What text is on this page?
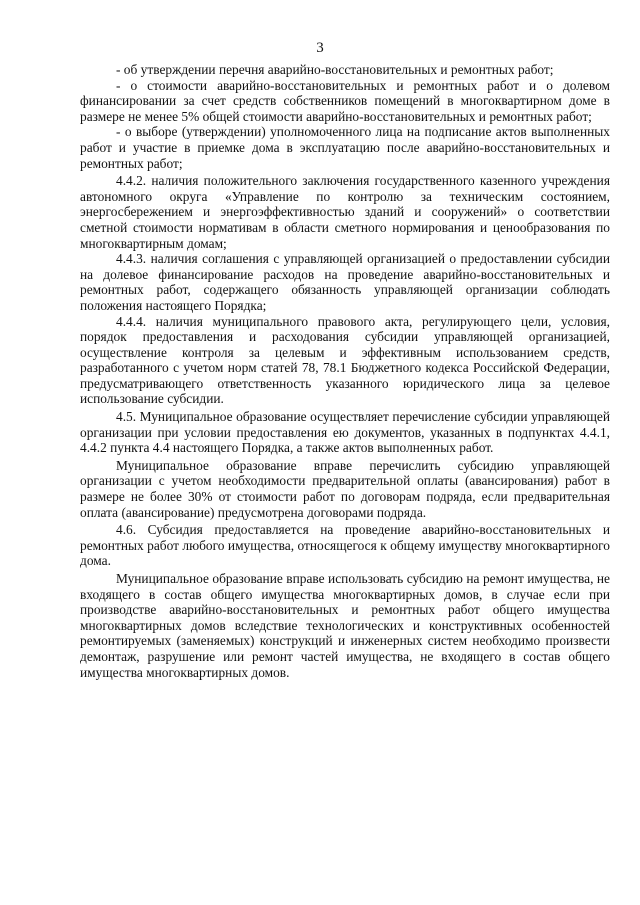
3

- об утверждении перечня аварийно-восстановительных и ремонтных работ;

- о стоимости аварийно-восстановительных и ремонтных работ и о долевом финансировании за счет средств собственников помещений в многоквартирном доме в размере не менее 5% общей стоимости аварийно-восстановительных и ремонтных работ;

- о выборе (утверждении) уполномоченного лица на подписание актов выполненных работ и участие в приемке дома в эксплуатацию после аварийно-восстановительных и ремонтных работ;

4.4.2. наличия положительного заключения государственного казенного учреждения автономного округа «Управление по контролю за техническим состоянием, энергосбережением и энергоэффективностью зданий и сооружений» о соответствии сметной стоимости нормативам в области сметного нормирования и ценообразования по многоквартирным домам;

4.4.3. наличия соглашения с управляющей организацией о предоставлении субсидии на долевое финансирование расходов на проведение аварийно-восстановительных и ремонтных работ, содержащего обязанность управляющей организации соблюдать положения настоящего Порядка;

4.4.4. наличия муниципального правового акта, регулирующего цели, условия, порядок предоставления и расходования субсидии управляющей организацией, осуществление контроля за целевым и эффективным использованием средств, разработанного с учетом норм статей 78, 78.1 Бюджетного кодекса Российской Федерации, предусматривающего ответственность указанного юридического лица за целевое использование субсидии.

4.5. Муниципальное образование осуществляет перечисление субсидии управляющей организации при условии предоставления ею документов, указанных в подпунктах 4.4.1, 4.4.2 пункта 4.4 настоящего Порядка, а также актов выполненных работ.

Муниципальное образование вправе перечислить субсидию управляющей организации с учетом необходимости предварительной оплаты (авансирования) работ в размере не более 30% от стоимости работ по договорам подряда, если предварительная оплата (авансирование) предусмотрена договорами подряда.

4.6. Субсидия предоставляется на проведение аварийно-восстановительных и ремонтных работ любого имущества, относящегося к общему имуществу многоквартирного дома.

Муниципальное образование вправе использовать субсидию на ремонт имущества, не входящего в состав общего имущества многоквартирных домов, в случае если при производстве аварийно-восстановительных и ремонтных работ общего имущества многоквартирных домов вследствие технологических и конструктивных особенностей ремонтируемых (заменяемых) конструкций и инженерных систем необходимо произвести демонтаж, разрушение или ремонт частей имущества, не входящего в состав общего имущества многоквартирных домов.
